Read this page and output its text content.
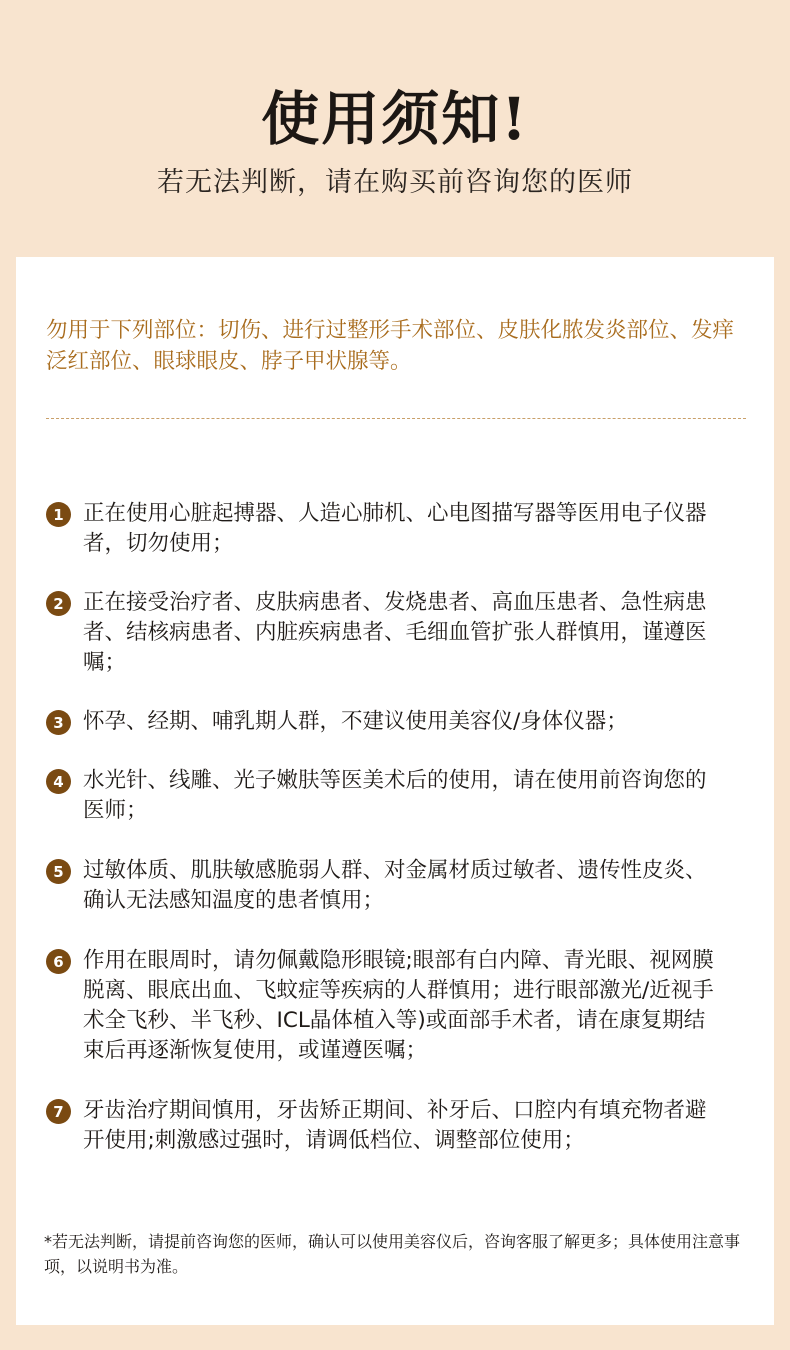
使用须知!
若无法判断，请在购买前咨询您的医师
勿用于下列部位：切伤、进行过整形手术部位、皮肤化脓发炎部位、发痒泛红部位、眼球眼皮、脖子甲状腺等。
1 正在使用心脏起搏器、人造心肺机、心电图描写器等医用电子仪器者，切勿使用；
2 正在接受治疗者、皮肤病患者、发烧患者、高血压患者、急性病患者、结核病患者、内脏疾病患者、毛细血管扩张人群慎用，谨遵医嘱；
3 怀孕、经期、哺乳期人群，不建议使用美容仪/身体仪器；
4 水光针、线雕、光子嫩肤等医美术后的使用，请在使用前咨询您的医师；
5 过敏体质、肌肤敏感脆弱人群、对金属材质过敏者、遗传性皮炎、确认无法感知温度的患者慎用；
6 作用在眼周时，请勿佩戴隐形眼镜;眼部有白内障、青光眼、视网膜脱离、眼底出血、飞蚊症等疾病的人群慎用；进行眼部激光/近视手术全飞秒、半飞秒、ICL晶体植入等)或面部手术者，请在康复期结束后再逐渐恢复使用，或谨遵医嘱；
7 牙齿治疗期间慎用，牙齿矫正期间、补牙后、口腔内有填充物者避开使用;刺激感过强时，请调低档位、调整部位使用；
*若无法判断，请提前咨询您的医师，确认可以使用美容仪后，咨询客服了解更多；具体使用注意事项，以说明书为准。
